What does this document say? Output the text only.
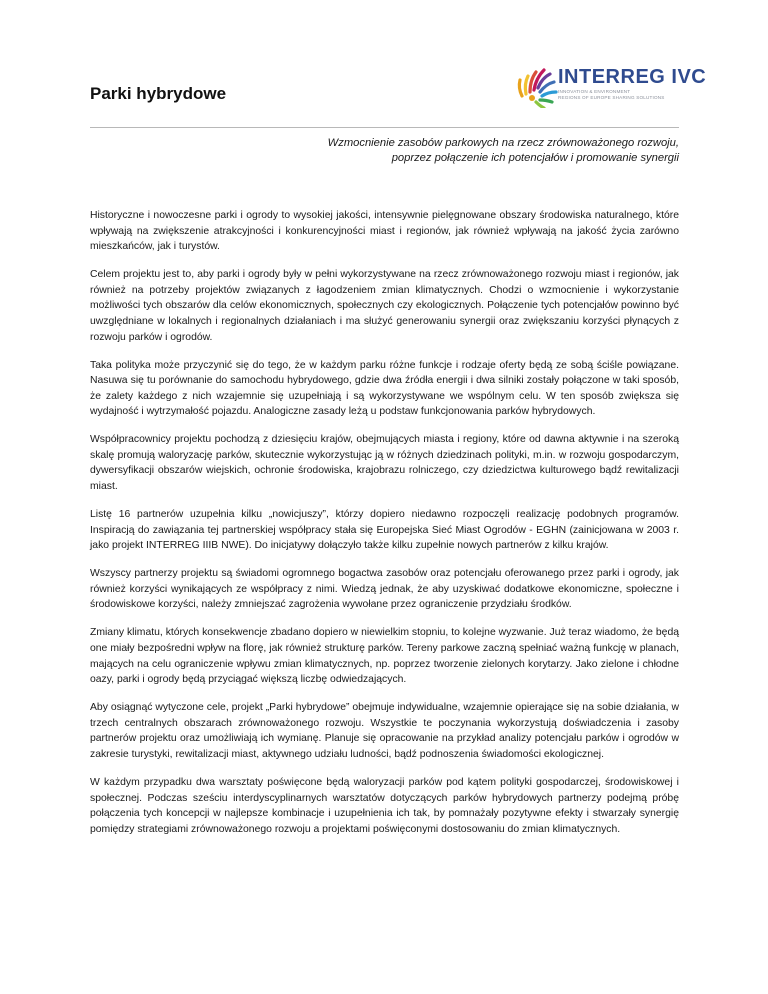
Parki hybrydowe
INTERREG IVC
INNOVATION & ENVIRONMENT
REGIONS OF EUROPE SHARING SOLUTIONS
Wzmocnienie zasobów parkowych na rzecz zrównoważonego rozwoju,
poprzez połączenie ich potencjałów i promowanie synergii

Historyczne i nowoczesne parki i ogrody to wysokiej jakości, intensywnie pielęgnowane obszary środowiska naturalnego, które wpływają na zwiększenie atrakcyjności i konkurencyjności miast i regionów, jak również wpływają na jakość życia zarówno mieszkańców, jak i turystów.

Celem projektu jest to, aby parki i ogrody były w pełni wykorzystywane na rzecz zrównoważonego rozwoju miast i regionów, jak również na potrzeby projektów związanych z łagodzeniem zmian klimatycznych. Chodzi o wzmocnienie i wykorzystanie możliwości tych obszarów dla celów ekonomicznych, społecznych czy ekologicznych. Połączenie tych potencjałów powinno być uwzględniane w lokalnych i regionalnych działaniach i ma służyć generowaniu synergii oraz zwiększaniu korzyści płynących z rozwoju parków i ogrodów.

Taka polityka może przyczynić się do tego, że w każdym parku różne funkcje i rodzaje oferty będą ze sobą ściśle powiązane. Nasuwa się tu porównanie do samochodu hybrydowego, gdzie dwa źródła energii i dwa silniki zostały połączone w taki sposób, że zalety każdego z nich wzajemnie się uzupełniają i są wykorzystywane we wspólnym celu. W ten sposób zwiększa się wydajność i wytrzymałość pojazdu. Analogiczne zasady leżą u podstaw funkcjonowania parków hybrydowych.

Współpracownicy projektu pochodzą z dziesięciu krajów, obejmujących miasta i regiony, które od dawna aktywnie i na szeroką skalę promują waloryzację parków, skutecznie wykorzystując ją w różnych dziedzinach polityki, m.in. w rozwoju gospodarczym, dywersyfikacji obszarów wiejskich, ochronie środowiska, krajobrazu rolniczego, czy dziedzictwa kulturowego bądź rewitalizacji miast.

Listę 16 partnerów uzupełnia kilku „nowicjuszy”, którzy dopiero niedawno rozpoczęli realizację podobnych programów. Inspiracją do zawiązania tej partnerskiej współpracy stała się Europejska Sieć Miast Ogrodów - EGHN (zainicjowana w 2003 r. jako projekt INTERREG IIIB NWE). Do inicjatywy dołączyło także kilku zupełnie nowych partnerów z kilku krajów.

Wszyscy partnerzy projektu są świadomi ogromnego bogactwa zasobów oraz potencjału oferowanego przez parki i ogrody, jak również korzyści wynikających ze współpracy z nimi. Wiedzą jednak, że aby uzyskiwać dodatkowe ekonomiczne, społeczne i środowiskowe korzyści, należy zmniejszać zagrożenia wywołane przez ograniczenie przydziału środków.

Zmiany klimatu, których konsekwencje zbadano dopiero w niewielkim stopniu, to kolejne wyzwanie. Już teraz wiadomo, że będą one miały bezpośredni wpływ na florę, jak również strukturę parków. Tereny parkowe zaczną spełniać ważną funkcję w planach, mających na celu ograniczenie wpływu zmian klimatycznych, np. poprzez tworzenie zielonych korytarzy. Jako zielone i chłodne oazy, parki i ogrody będą przyciągać większą liczbę odwiedzających.

Aby osiągnąć wytyczone cele, projekt „Parki hybrydowe” obejmuje indywidualne, wzajemnie opierające się na sobie działania, w trzech centralnych obszarach zrównoważonego rozwoju. Wszystkie te poczynania wykorzystują doświadczenia i zasoby partnerów projektu oraz umożliwiają ich wymianę. Planuje się opracowanie na przykład analizy potencjału parków i ogrodów w zakresie turystyki, rewitalizacji miast, aktywnego udziału ludności, bądź podnoszenia świadomości ekologicznej.

W każdym przypadku dwa warsztaty poświęcone będą waloryzacji parków pod kątem polityki gospodarczej, środowiskowej i społecznej. Podczas sześciu interdyscyplinarnych warsztatów dotyczących parków hybrydowych partnerzy podejmą próbę połączenia tych koncepcji w najlepsze kombinacje i uzupełnienia ich tak, by pomnażały pozytywne efekty i stwarzały synergię pomiędzy strategiami zrównoważonego rozwoju a projektami poświęconymi dostosowaniu do zmian klimatycznych.
